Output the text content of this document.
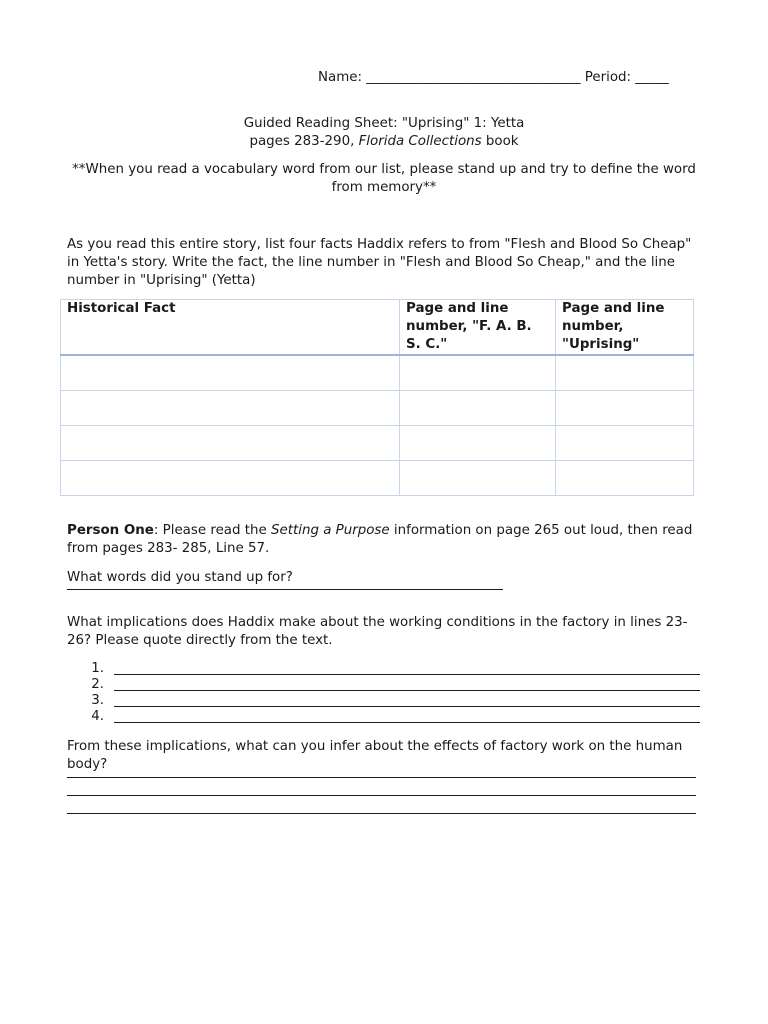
Name: ________________________________ Period: _____
Guided Reading Sheet: "Uprising" 1: Yetta
pages 283-290, Florida Collections book
**When you read a vocabulary word from our list, please stand up and try to define the word from memory**
As you read this entire story, list four facts Haddix refers to from "Flesh and Blood So Cheap" in Yetta's story. Write the fact, the line number in "Flesh and Blood So Cheap," and the line number in "Uprising" (Yetta)
Historical Fact	Page and line number, "F. A. B. S. C."	Page and line number, "Uprising"

Person One: Please read the Setting a Purpose information on page 265 out loud, then read from pages 283- 285, Line 57.
What words did you stand up for?
What implications does Haddix make about the working conditions in the factory in lines 23-26? Please quote directly from the text.
1.
2.
3.
4.
From these implications, what can you infer about the effects of factory work on the human body?
